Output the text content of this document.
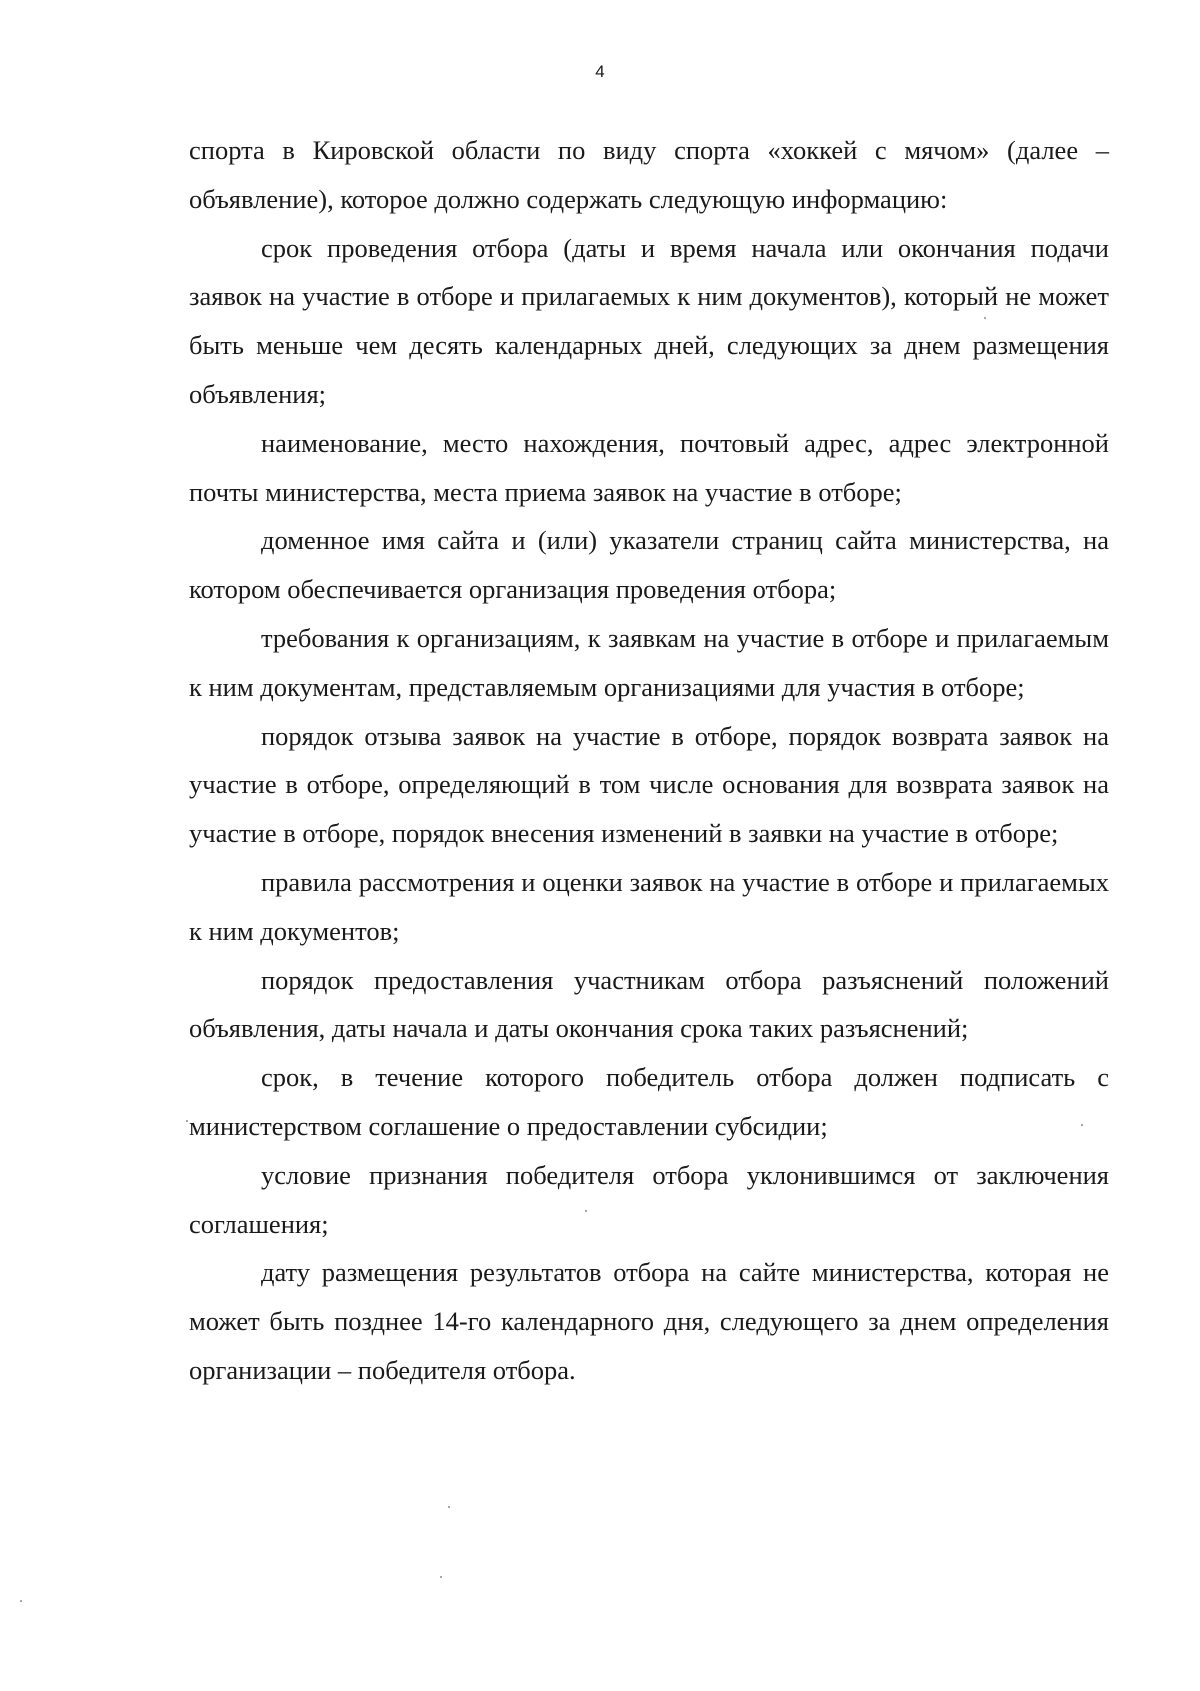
4

спорта в Кировской области по виду спорта «хоккей с мячом» (далее – объявление), которое должно содержать следующую информацию:

срок проведения отбора (даты и время начала или окончания подачи заявок на участие в отборе и прилагаемых к ним документов), который не может быть меньше чем десять календарных дней, следующих за днем размещения объявления;

наименование, место нахождения, почтовый адрес, адрес электронной почты министерства, места приема заявок на участие в отборе;

доменное имя сайта и (или) указатели страниц сайта министерства, на котором обеспечивается организация проведения отбора;

требования к организациям, к заявкам на участие в отборе и прилагаемым к ним документам, представляемым организациями для участия в отборе;

порядок отзыва заявок на участие в отборе, порядок возврата заявок на участие в отборе, определяющий в том числе основания для возврата заявок на участие в отборе, порядок внесения изменений в заявки на участие в отборе;

правила рассмотрения и оценки заявок на участие в отборе и прилагаемых к ним документов;

порядок предоставления участникам отбора разъяснений положений объявления, даты начала и даты окончания срока таких разъяснений;

срок, в течение которого победитель отбора должен подписать с министерством соглашение о предоставлении субсидии;

условие признания победителя отбора уклонившимся от заключения соглашения;

дату размещения результатов отбора на сайте министерства, которая не может быть позднее 14-го календарного дня, следующего за днем определения организации – победителя отбора.
